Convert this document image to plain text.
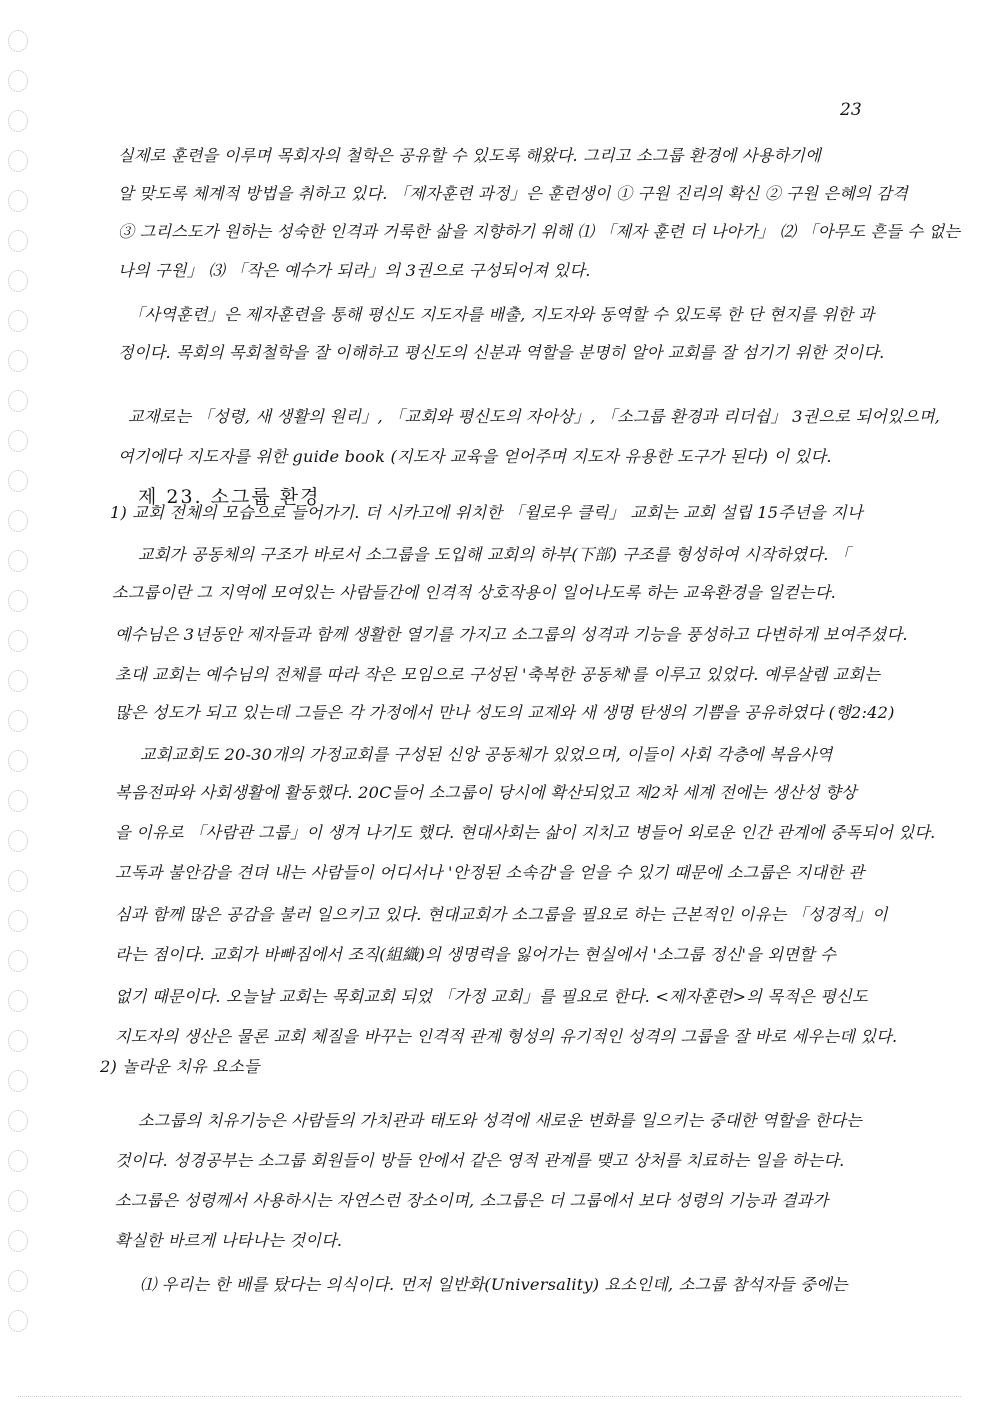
23
실제로 훈련을 이루며 목회자의 철학은 공유할 수 있도록 해왔다. 그리고 소그룹 환경에 사용하기에
알 맞도록 체계적 방법을 취하고 있다. 「제자훈련 과정」은 훈련생이 ① 구원 진리의 확신 ② 구원 은혜의 감격
③ 그리스도가 원하는 성숙한 인격과 거룩한 삶을 지향하기 위해 ⑴ 「제자 훈련 더 나아가」 ⑵ 「아무도 흔들 수 없는
나의 구원」 ⑶ 「작은 예수가 되라」의 3권으로 구성되어져 있다.
「사역훈련」은 제자훈련을 통해 평신도 지도자를 배출, 지도자와 동역할 수 있도록 한 단 현지를 위한 과
정이다. 목회의 목회철학을 잘 이해하고 평신도의 신분과 역할을 분명히 알아 교회를 잘 섬기기 위한 것이다.
교재로는 「성령, 새 생활의 원리」, 「교회와 평신도의 자아상」, 「소그룹 환경과 리더쉽」 3권으로 되어있으며,
여기에다 지도자를 위한 guide book (지도자 교육을 얻어주며 지도자 유용한 도구가 된다) 이 있다.
제 23. 소그룹 환경
1) 교회 전체의 모습으로 들어가기. 더 시카고에 위치한 「윌로우 클릭」 교회는 교회 설립 15주년을 지나
교회가 공동체의 구조가 바로서 소그룹을 도입해 교회의 하부(下部) 구조를 형성하여 시작하였다. 「
소그룹이란 그 지역에 모여있는 사람들간에 인격적 상호작용이 일어나도록 하는 교육환경을 일컫는다.
예수님은 3년동안 제자들과 함께 생활한 열기를 가지고 소그룹의 성격과 기능을 풍성하고 다변하게 보여주셨다.
초대 교회는 예수님의 전체를 따라 작은 모임으로 구성된 '축복한 공동체'를 이루고 있었다. 예루살렘 교회는
많은 성도가 되고 있는데 그들은 각 가정에서 만나 성도의 교제와 새 생명 탄생의 기쁨을 공유하였다 (행2:42)
교회교회도 20-30개의 가정교회를 구성된 신앙 공동체가 있었으며, 이들이 사회 각층에 복음사역
복음전파와 사회생활에 활동했다. 20C들어 소그룹이 당시에 확산되었고 제2차 세계 전에는 생산성 향상
을 이유로 「사람관 그룹」이 생겨 나기도 했다. 현대사회는 삶이 지치고 병들어 외로운 인간 관계에 중독되어 있다.
고독과 불안감을 견뎌 내는 사람들이 어디서나 '안정된 소속감'을 얻을 수 있기 때문에 소그룹은 지대한 관
심과 함께 많은 공감을 불러 일으키고 있다. 현대교회가 소그룹을 필요로 하는 근본적인 이유는 「성경적」이
라는 점이다. 교회가 바빠짐에서 조직(組織)의 생명력을 잃어가는 현실에서 '소그룹 정신'을 외면할 수
없기 때문이다. 오늘날 교회는 목회교회 되었 「가정 교회」를 필요로 한다. <제자훈련>의 목적은 평신도
지도자의 생산은 물론 교회 체질을 바꾸는 인격적 관계 형성의 유기적인 성격의 그룹을 잘 바로 세우는데 있다.
2) 놀라운 치유 요소들
소그룹의 치유기능은 사람들의 가치관과 태도와 성격에 새로운 변화를 일으키는 중대한 역할을 한다는
것이다. 성경공부는 소그룹 회원들이 방들 안에서 같은 영적 관계를 맺고 상처를 치료하는 일을 하는다.
소그룹은 성령께서 사용하시는 자연스런 장소이며, 소그룹은 더 그룹에서 보다 성령의 기능과 결과가
확실한 바르게 나타나는 것이다.
⑴ 우리는 한 배를 탔다는 의식이다. 먼저 일반화(Universality) 요소인데, 소그룹 참석자들 중에는
